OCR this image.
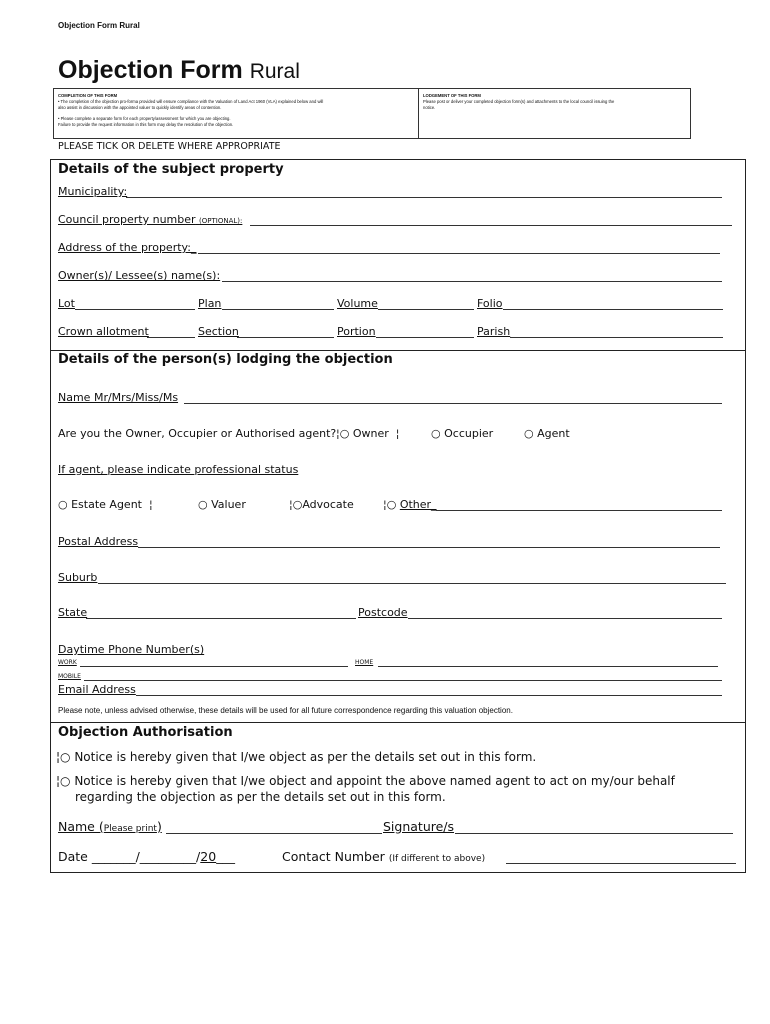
Objection Form Rural
Objection Form Rural
COMPLETION OF THIS FORM
• The completion of the objection pro-forma provided will ensure compliance with the Valuation of Land Act 1960 (VLA) explained below and will
also assist in discussion with the appointed valuer to quickly identify areas of contention.
• Please complete a separate form for each property/assessment for which you are objecting.
Failure to provide the request information in this form may delay the resolution of the objection.
LODGEMENT OF THIS FORM
Please post or deliver your completed objection form(s) and attachments to the local council issuing the
notice.
PLEASE TICK OR DELETE WHERE APPROPRIATE
Details of the subject property
Municipality:
Council property number (OPTIONAL):
Address of the property:_
Owner(s)/ Lessee(s) name(s):
Lot	Plan	Volume	Folio
Crown allotment	Section	Portion	Parish
Details of the person(s) lodging the objection
Name Mr/Mrs/Miss/Ms
Are you the Owner, Occupier or Authorised agent? ¦○ Owner  ¦	○ Occupier	○ Agent
If agent, please indicate professional status
○ Estate Agent  ¦	○ Valuer	¦○Advocate	¦○ Other_
Postal Address
Suburb
State	Postcode
Daytime Phone Number(s)
WORK	HOME
MOBILE
Email Address
Please note, unless advised otherwise, these details will be used for all future correspondence regarding this valuation objection.
Objection Authorisation
¦○ Notice is hereby given that I/we object as per the details set out in this form.
¦○ Notice is hereby given that I/we object and appoint the above named agent to act on my/our behalf
regarding the objection as per the details set out in this form.
Name (Please print)	Signature/s
Date _______/_________/20___	Contact Number (If different to above)
